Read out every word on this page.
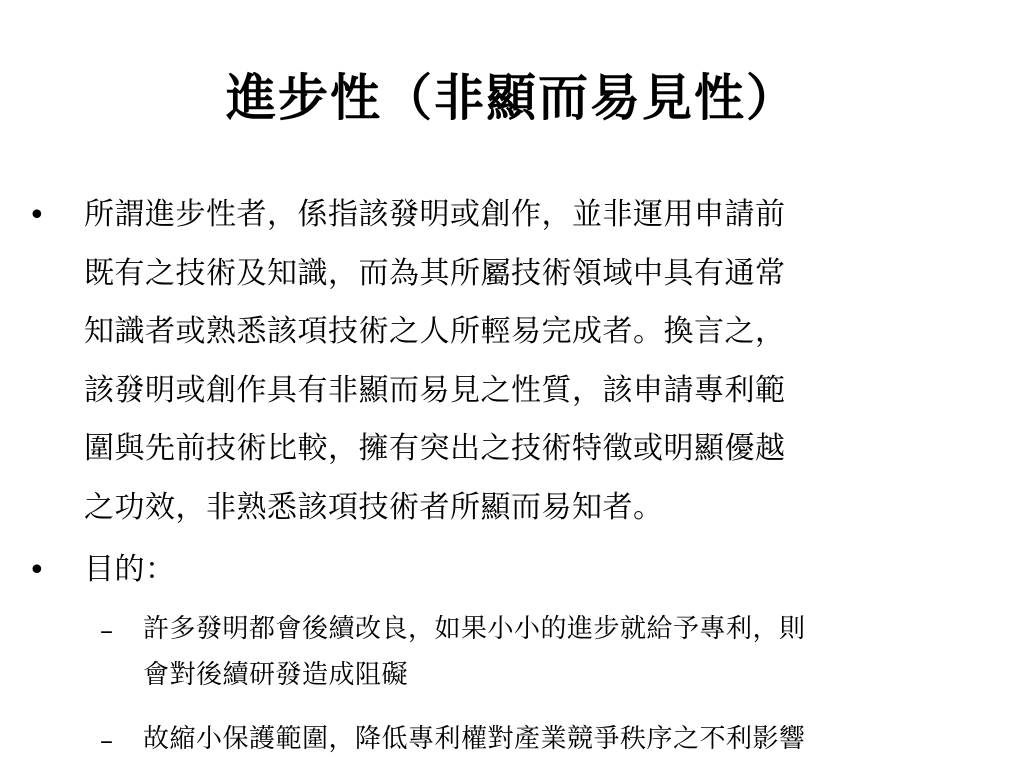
進步性（非顯而易見性）
• 所謂進步性者，係指該發明或創作，並非運用申請前
既有之技術及知識，而為其所屬技術領域中具有通常
知識者或熟悉該項技術之人所輕易完成者。換言之，
該發明或創作具有非顯而易見之性質，該申請專利範
圍與先前技術比較，擁有突出之技術特徵或明顯優越
之功效，非熟悉該項技術者所顯而易知者。
• 目的：
– 許多發明都會後續改良，如果小小的進步就給予專利，則
會對後續研發造成阻礙
– 故縮小保護範圍，降低專利權對產業競爭秩序之不利影響
